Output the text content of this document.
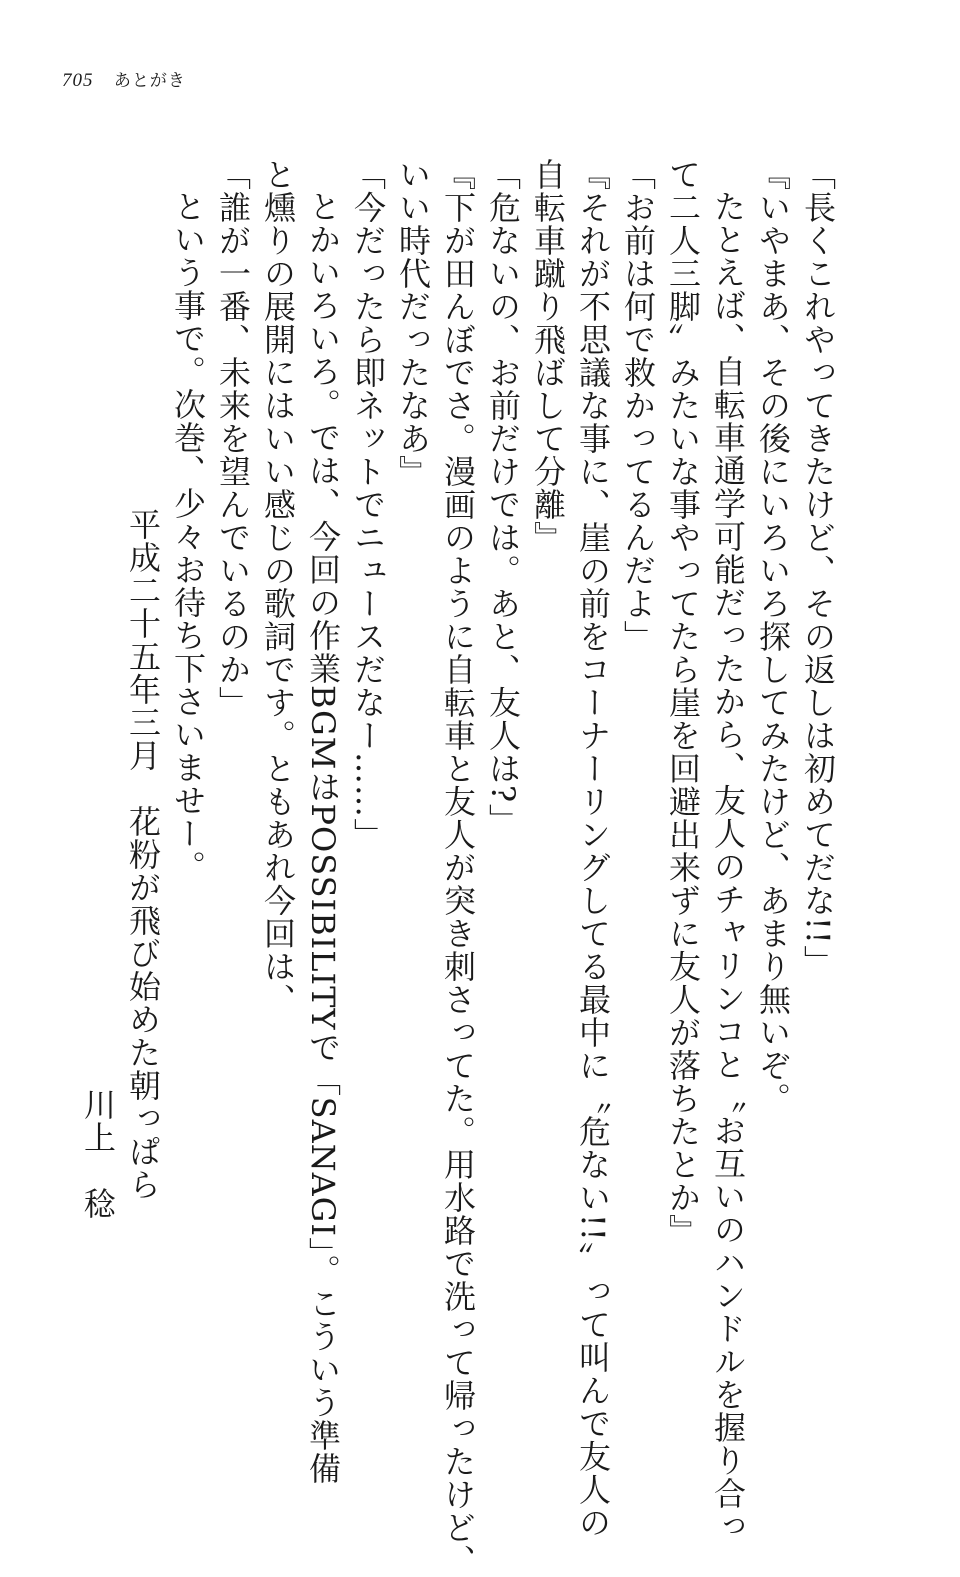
705 あとがき
「長くこれやってきたけど、その返しは初めてだな!!」
『いやまあ、その後にいろいろ探してみたけど、あまり無いぞ。
たとえば、自転車通学可能だったから、友人のチャリンコと〝お互いのハンドルを握り合っ
て二人三脚〟みたいな事やってたら崖を回避出来ずに友人が落ちたとか』
「お前は何で救かってるんだよ」
『それが不思議な事に、崖の前をコーナーリングしてる最中に〝危ない!!〟って叫んで友人の
自転車蹴り飛ばして分離』
「危ないの、お前だけでは。あと、友人は?」
『下が田んぼでさ。漫画のように自転車と友人が突き刺さってた。用水路で洗って帰ったけど、
いい時代だったなあ』
「今だったら即ネットでニュースだなー……」
とかいろいろ。では、今回の作業BGMはPOSSIBILITYで「SANAGI」。こういう準備
と燻りの展開にはいい感じの歌詞です。ともあれ今回は、
「誰が一番、未来を望んでいるのか」
という事で。次巻、少々お待ち下さいませー。
平成二十五年三月　花粉が飛び始めた朝っぱら
川上　稔
